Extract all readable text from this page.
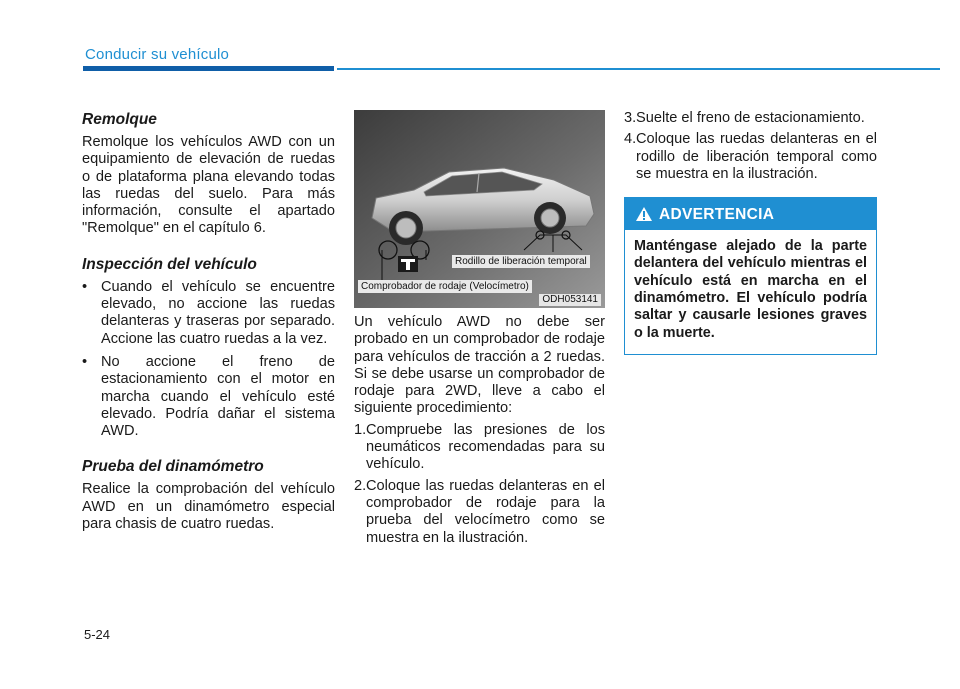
Conducir su vehículo
Remolque

Remolque los vehículos AWD con un equipamiento de elevación de ruedas o de plataforma plana elevando todas las ruedas del suelo. Para más información, consulte el apartado "Remolque" en el capítulo 6.

Inspección del vehículo
• Cuando el vehículo se encuentre elevado, no accione las ruedas delanteras y traseras por separado. Accione las cuatro ruedas a la vez.
• No accione el freno de estacionamiento con el motor en marcha cuando el vehículo esté elevado. Podría dañar el sistema AWD.
Prueba del dinamómetro

Realice la comprobación del vehículo AWD en un dinamómetro especial para chasis de cuatro ruedas.

Rodillo de liberación temporal
Comprobador de rodaje (Velocímetro)
ODH053141

Un vehículo AWD no debe ser probado en un comprobador de rodaje para vehículos de tracción a 2 ruedas. Si se debe usarse un comprobador de rodaje para 2WD, lleve a cabo el siguiente procedimiento:

1. Compruebe las presiones de los neumáticos recomendadas para su vehículo.
2. Coloque las ruedas delanteras en el comprobador de rodaje para la prueba del velocímetro como se muestra en la ilustración.
3. Suelte el freno de estacionamiento.
4. Coloque las ruedas delanteras en el rodillo de liberación temporal como se muestra en la ilustración.
ADVERTENCIA
Manténgase alejado de la parte delantera del vehículo mientras el vehículo está en marcha en el dinamómetro. El vehículo podría saltar y causarle lesiones graves o la muerte.
5-24
